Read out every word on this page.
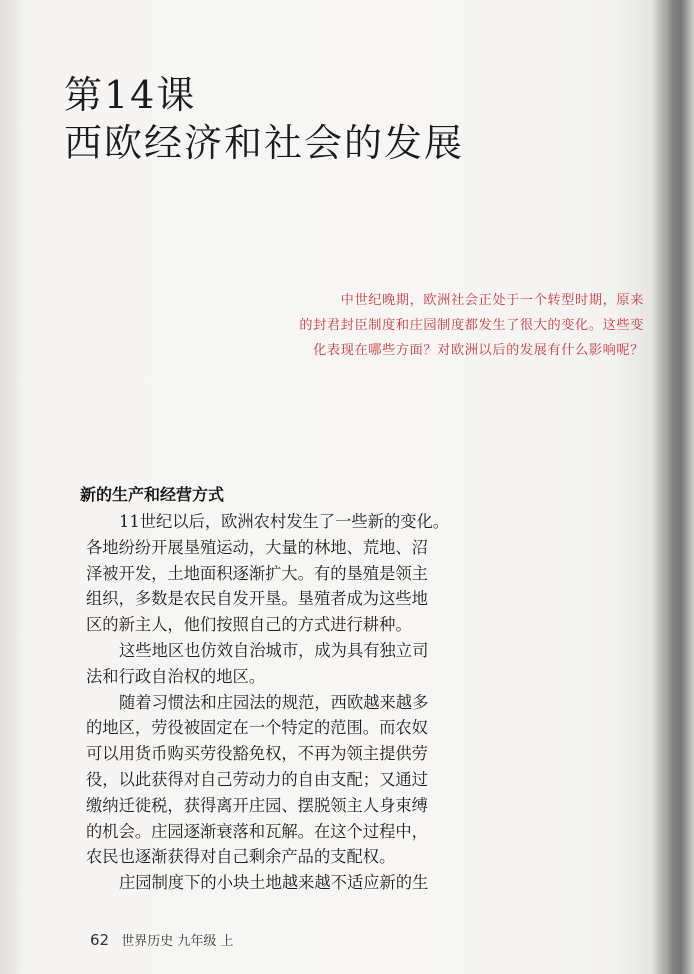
第14课
西欧经济和社会的发展
中世纪晚期，欧洲社会正处于一个转型时期，原来
的封君封臣制度和庄园制度都发生了很大的变化。这些变
化表现在哪些方面？对欧洲以后的发展有什么影响呢？
新的生产和经营方式
11世纪以后，欧洲农村发生了一些新的变化。
各地纷纷开展垦殖运动，大量的林地、荒地、沼
泽被开发，土地面积逐渐扩大。有的垦殖是领主
组织，多数是农民自发开垦。垦殖者成为这些地
区的新主人，他们按照自己的方式进行耕种。
这些地区也仿效自治城市，成为具有独立司
法和行政自治权的地区。
随着习惯法和庄园法的规范，西欧越来越多
的地区，劳役被固定在一个特定的范围。而农奴
可以用货币购买劳役豁免权，不再为领主提供劳
役，以此获得对自己劳动力的自由支配；又通过
缴纳迁徙税，获得离开庄园、摆脱领主人身束缚
的机会。庄园逐渐衰落和瓦解。在这个过程中，
农民也逐渐获得对自己剩余产品的支配权。
庄园制度下的小块土地越来越不适应新的生
62 世界历史 九年级 上
